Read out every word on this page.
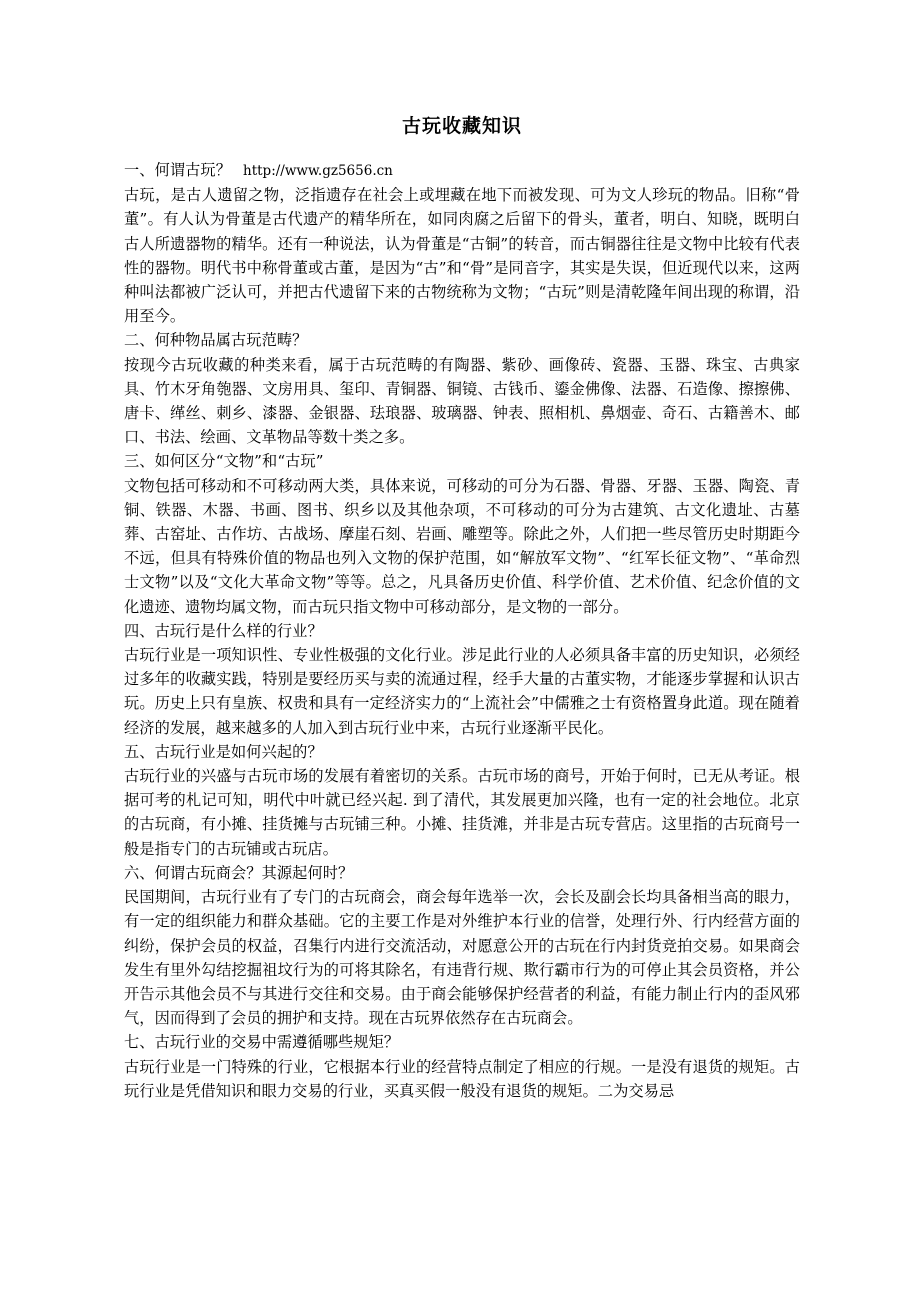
古玩收藏知识

一、何谓古玩？ http://www.gz5656.cn

古玩，是古人遗留之物，泛指遗存在社会上或埋藏在地下而被发现、可为文人珍玩的物品。旧称“骨董”。有人认为骨董是古代遗产的精华所在，如同肉腐之后留下的骨头，董者，明白、知晓，既明白古人所遗器物的精华。还有一种说法，认为骨董是“古铜”的转音，而古铜器往往是文物中比较有代表性的器物。明代书中称骨董或古董，是因为“古”和“骨”是同音字，其实是失误，但近现代以来，这两种叫法都被广泛认可，并把古代遗留下来的古物统称为文物；“古玩”则是清乾隆年间出现的称谓，沿用至今。

二、何种物品属古玩范畴？

按现今古玩收藏的种类来看，属于古玩范畴的有陶器、紫砂、画像砖、瓷器、玉器、珠宝、古典家具、竹木牙角匏器、文房用具、玺印、青铜器、铜镜、古钱币、鎏金佛像、法器、石造像、擦擦佛、唐卡、缂丝、刺乡、漆器、金银器、珐琅器、玻璃器、钟表、照相机、鼻烟壶、奇石、古籍善木、邮口、书法、绘画、文革物品等数十类之多。

三、如何区分“文物”和“古玩”

文物包括可移动和不可移动两大类，具体来说，可移动的可分为石器、骨器、牙器、玉器、陶瓷、青铜、铁器、木器、书画、图书、织乡以及其他杂项，不可移动的可分为古建筑、古文化遗址、古墓葬、古窑址、古作坊、古战场、摩崖石刻、岩画、雕塑等。除此之外，人们把一些尽管历史时期距今不远，但具有特殊价值的物品也列入文物的保护范围，如“解放军文物”、“红军长征文物”、“革命烈士文物”以及“文化大革命文物”等等。总之，凡具备历史价值、科学价值、艺术价值、纪念价值的文化遗迹、遗物均属文物，而古玩只指文物中可移动部分，是文物的一部分。

四、古玩行是什么样的行业？

古玩行业是一项知识性、专业性极强的文化行业。涉足此行业的人必须具备丰富的历史知识，必须经过多年的收藏实践，特别是要经历买与卖的流通过程，经手大量的古董实物，才能逐步掌握和认识古玩。历史上只有皇族、权贵和具有一定经济实力的“上流社会”中儒雅之士有资格置身此道。现在随着经济的发展，越来越多的人加入到古玩行业中来，古玩行业逐渐平民化。

五、古玩行业是如何兴起的？

古玩行业的兴盛与古玩市场的发展有着密切的关系。古玩市场的商号，开始于何时，已无从考证。根据可考的札记可知，明代中叶就已经兴起. 到了清代，其发展更加兴隆，也有一定的社会地位。北京的古玩商，有小摊、挂货摊与古玩铺三种。小摊、挂货滩，并非是古玩专营店。这里指的古玩商号一般是指专门的古玩铺或古玩店。

六、何谓古玩商会？其源起何时？

民国期间，古玩行业有了专门的古玩商会，商会每年选举一次，会长及副会长均具备相当高的眼力，有一定的组织能力和群众基础。它的主要工作是对外维护本行业的信誉，处理行外、行内经营方面的纠纷，保护会员的权益，召集行内进行交流活动，对愿意公开的古玩在行内封货竞拍交易。如果商会发生有里外勾结挖掘祖坟行为的可将其除名，有违背行规、欺行霸市行为的可停止其会员资格，并公开告示其他会员不与其进行交往和交易。由于商会能够保护经营者的利益，有能力制止行内的歪风邪气，因而得到了会员的拥护和支持。现在古玩界依然存在古玩商会。

七、古玩行业的交易中需遵循哪些规矩？

古玩行业是一门特殊的行业，它根据本行业的经营特点制定了相应的行规。一是没有退货的规矩。古玩行业是凭借知识和眼力交易的行业，买真买假一般没有退货的规矩。二为交易忌
